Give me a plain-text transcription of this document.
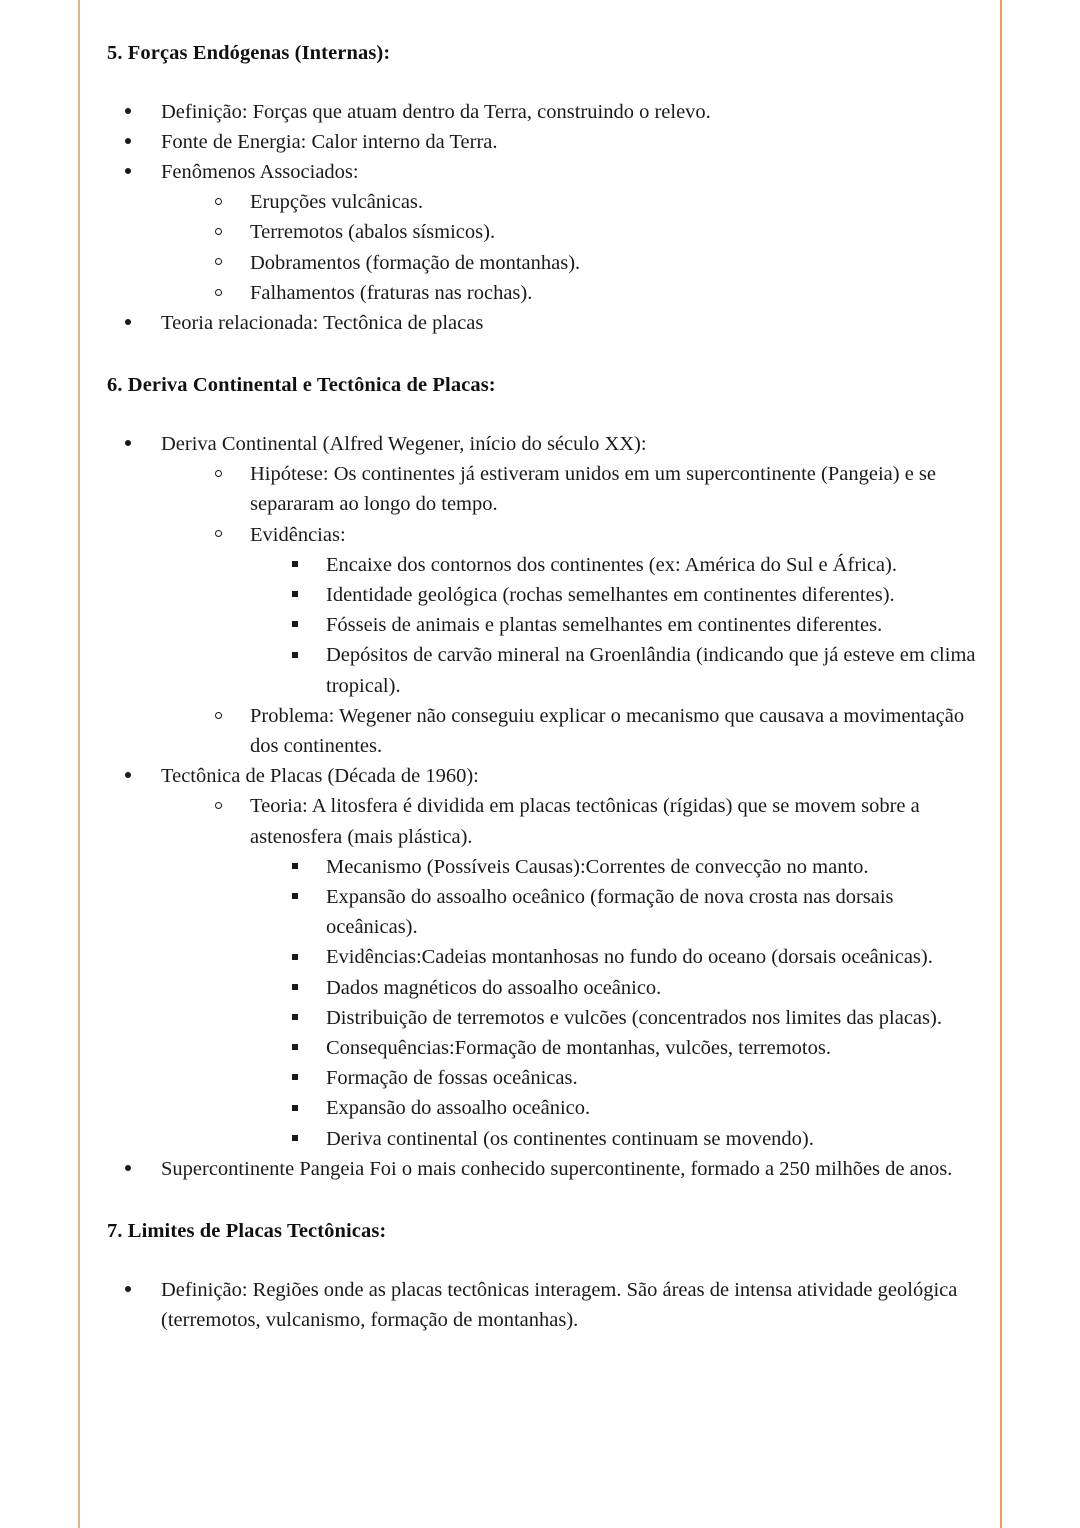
5. Forças Endógenas (Internas):
Definição: Forças que atuam dentro da Terra, construindo o relevo.
Fonte de Energia: Calor interno da Terra.
Fenômenos Associados:
Erupções vulcânicas.
Terremotos (abalos sísmicos).
Dobramentos (formação de montanhas).
Falhamentos (fraturas nas rochas).
Teoria relacionada: Tectônica de placas
6. Deriva Continental e Tectônica de Placas:
Deriva Continental (Alfred Wegener, início do século XX):
Hipótese: Os continentes já estiveram unidos em um supercontinente (Pangeia) e se separaram ao longo do tempo.
Evidências:
Encaixe dos contornos dos continentes (ex: América do Sul e África).
Identidade geológica (rochas semelhantes em continentes diferentes).
Fósseis de animais e plantas semelhantes em continentes diferentes.
Depósitos de carvão mineral na Groenlândia (indicando que já esteve em clima tropical).
Problema: Wegener não conseguiu explicar o mecanismo que causava a movimentação dos continentes.
Tectônica de Placas (Década de 1960):
Teoria: A litosfera é dividida em placas tectônicas (rígidas) que se movem sobre a astenosfera (mais plástica).
Mecanismo (Possíveis Causas):Correntes de convecção no manto.
Expansão do assoalho oceânico (formação de nova crosta nas dorsais oceânicas).
Evidências:Cadeias montanhosas no fundo do oceano (dorsais oceânicas).
Dados magnéticos do assoalho oceânico.
Distribuição de terremotos e vulcões (concentrados nos limites das placas).
Consequências:Formação de montanhas, vulcões, terremotos.
Formação de fossas oceânicas.
Expansão do assoalho oceânico.
Deriva continental (os continentes continuam se movendo).
Supercontinente Pangeia Foi o mais conhecido supercontinente, formado a 250 milhões de anos.
7. Limites de Placas Tectônicas:
Definição: Regiões onde as placas tectônicas interagem. São áreas de intensa atividade geológica (terremotos, vulcanismo, formação de montanhas).
